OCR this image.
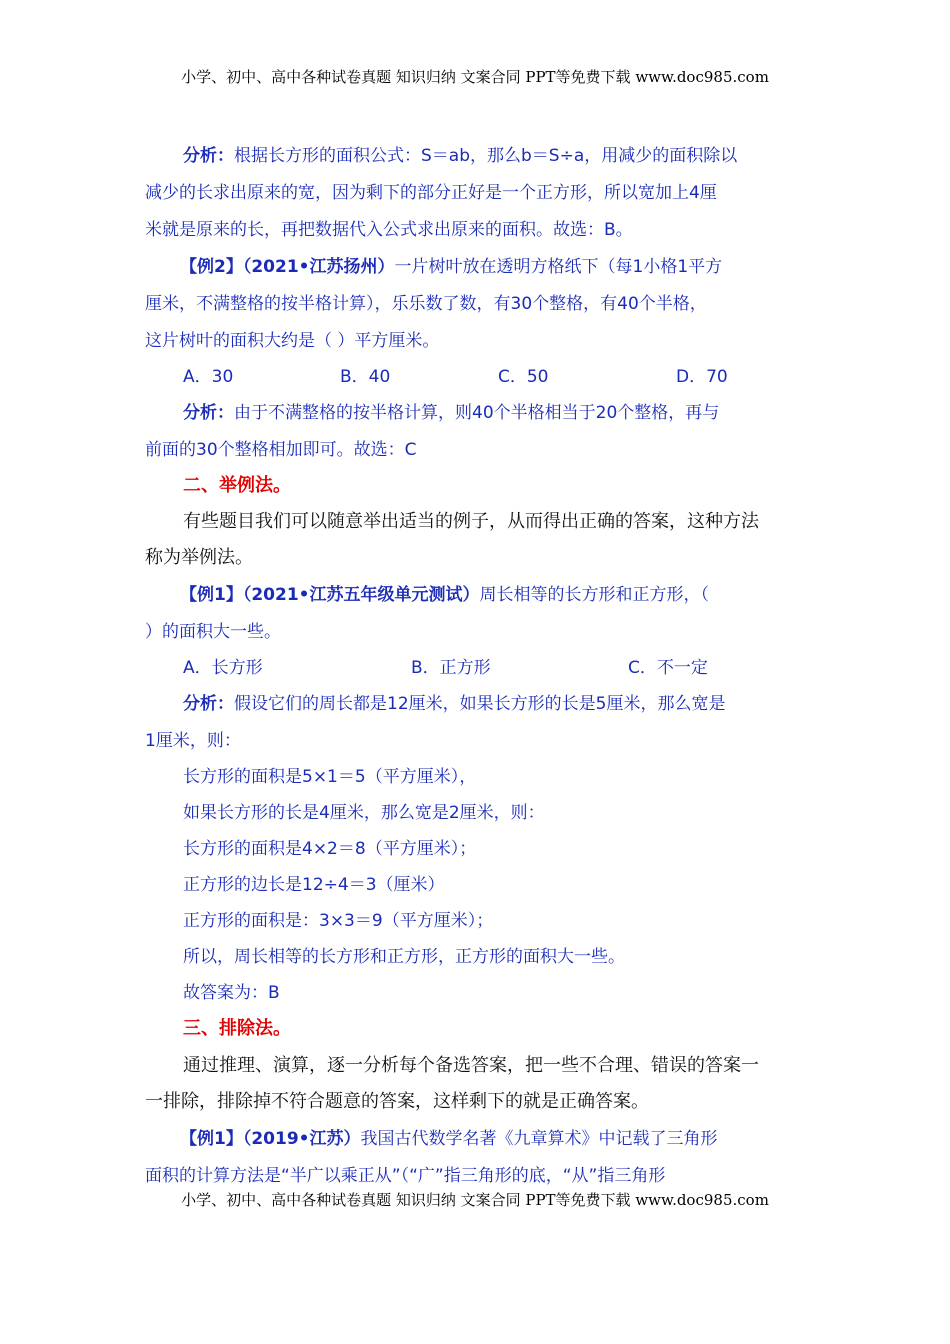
小学、初中、高中各种试卷真题 知识归纳 文案合同 PPT等免费下载 www.doc985.com
分析：根据长方形的面积公式：S＝ab，那么b＝S÷a，用减少的面积除以
减少的长求出原来的宽，因为剩下的部分正好是一个正方形，所以宽加上4厘
米就是原来的长，再把数据代入公式求出原来的面积。故选：B。
【例2】（2021•江苏扬州）一片树叶放在透明方格纸下（每1小格1平方
厘米，不满整格的按半格计算），乐乐数了数，有30个整格，有40个半格，
这片树叶的面积大约是（ ）平方厘米。
A．30	B．40	C．50	D．70
分析：由于不满整格的按半格计算，则40个半格相当于20个整格，再与
前面的30个整格相加即可。故选：C
二、举例法。
有些题目我们可以随意举出适当的例子，从而得出正确的答案，这种方法
称为举例法。
【例1】（2021•江苏五年级单元测试）周长相等的长方形和正方形，（
）的面积大一些。
A．长方形	B．正方形	C．不一定
分析：假设它们的周长都是12厘米，如果长方形的长是5厘米，那么宽是
1厘米，则：
长方形的面积是5×1＝5（平方厘米），
如果长方形的长是4厘米，那么宽是2厘米，则：
长方形的面积是4×2＝8（平方厘米）；
正方形的边长是12÷4＝3（厘米）
正方形的面积是：3×3＝9（平方厘米）；
所以，周长相等的长方形和正方形，正方形的面积大一些。
故答案为：B
三、排除法。
通过推理、演算，逐一分析每个备选答案，把一些不合理、错误的答案一
一排除，排除掉不符合题意的答案，这样剩下的就是正确答案。
【例1】（2019•江苏）我国古代数学名著《九章算术》中记载了三角形
面积的计算方法是“半广以乘正从”（“广”指三角形的底，“从”指三角形
小学、初中、高中各种试卷真题 知识归纳 文案合同 PPT等免费下载 www.doc985.com
